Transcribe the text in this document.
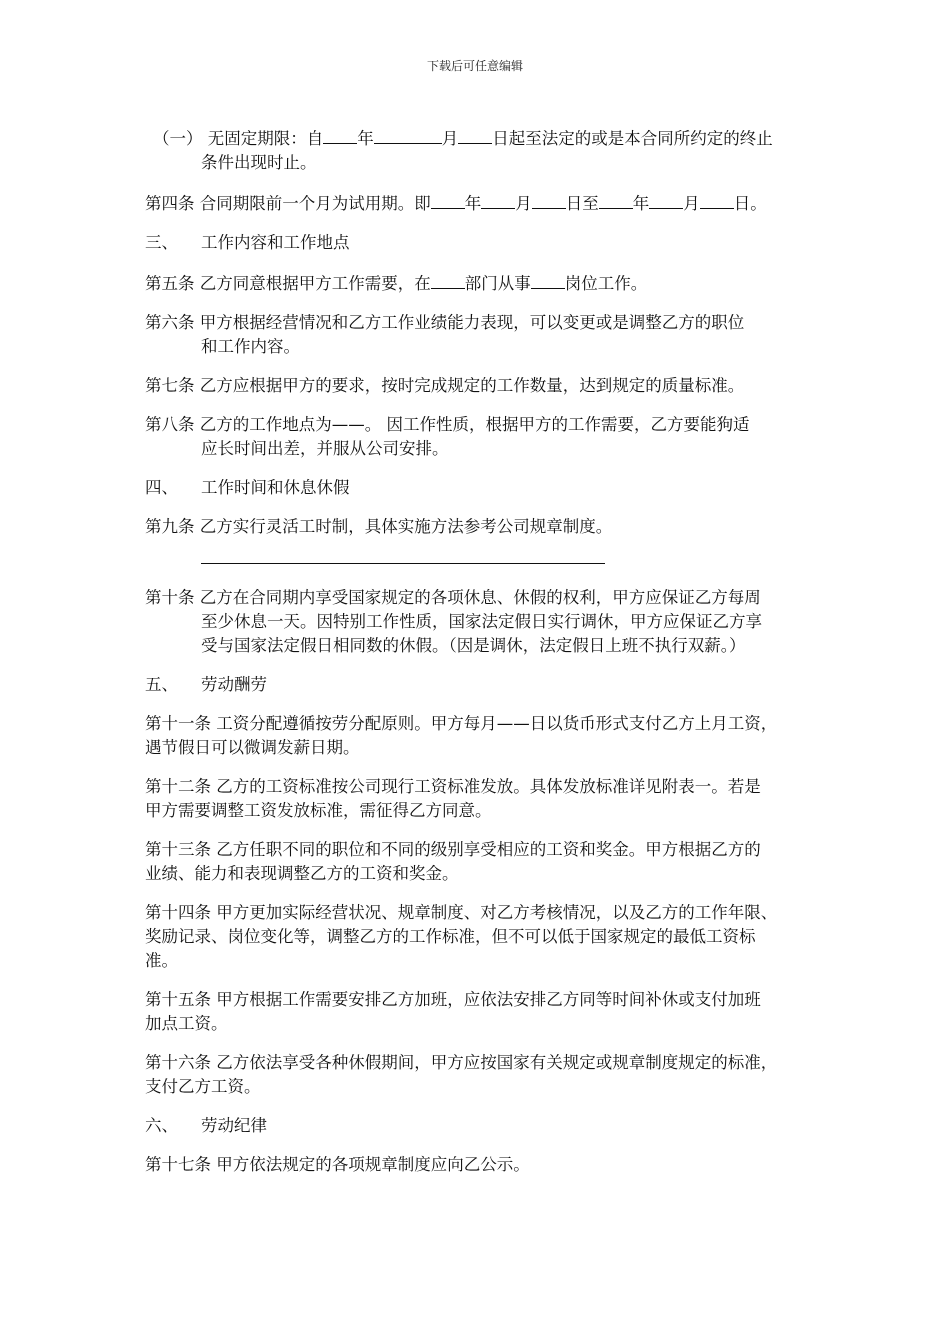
下载后可任意编辑
（一） 无固定期限：自 年	月 日起至法定的或是本合同所约定的终止
条件出现时止。
第四条 合同期限前一个月为试用期。即 年 月 日至 年 月 日。
三、 工作内容和工作地点
第五条 乙方同意根据甲方工作需要，在 部门从事 岗位工作。
第六条 甲方根据经营情况和乙方工作业绩能力表现，可以变更或是调整乙方的职位
和工作内容。
第七条 乙方应根据甲方的要求，按时完成规定的工作数量，达到规定的质量标准。
第八条 乙方的工作地点为——。 因工作性质，根据甲方的工作需要，乙方要能狗适
应长时间出差，并服从公司安排。
四、 工作时间和休息休假
第九条 乙方实行灵活工时制，具体实施方法参考公司规章制度。
第十条 乙方在合同期内享受国家规定的各项休息、休假的权利，甲方应保证乙方每周
至少休息一天。因特别工作性质，国家法定假日实行调休，甲方应保证乙方享
受与国家法定假日相同数的休假。（因是调休，法定假日上班不执行双薪。）
五、 劳动酬劳
第十一条 工资分配遵循按劳分配原则。甲方每月——日以货币形式支付乙方上月工资，
遇节假日可以微调发薪日期。
第十二条 乙方的工资标准按公司现行工资标准发放。具体发放标准详见附表一。若是
甲方需要调整工资发放标准，需征得乙方同意。
第十三条 乙方任职不同的职位和不同的级别享受相应的工资和奖金。甲方根据乙方的
业绩、能力和表现调整乙方的工资和奖金。
第十四条 甲方更加实际经营状况、规章制度、对乙方考核情况，以及乙方的工作年限、
奖励记录、岗位变化等，调整乙方的工作标准，但不可以低于国家规定的最低工资标
准。
第十五条 甲方根据工作需要安排乙方加班，应依法安排乙方同等时间补休或支付加班
加点工资。
第十六条 乙方依法享受各种休假期间，甲方应按国家有关规定或规章制度规定的标准，
支付乙方工资。
六、 劳动纪律
第十七条 甲方依法规定的各项规章制度应向乙公示。
